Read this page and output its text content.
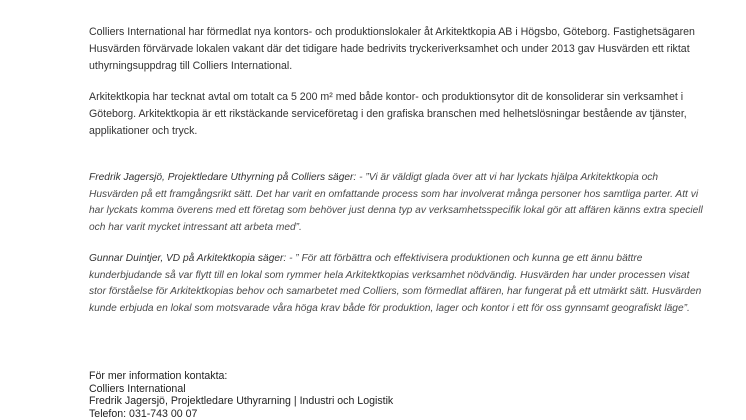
Colliers International har förmedlat nya kontors- och produktionslokaler åt Arkitektkopia AB i Högsbo, Göteborg. Fastighetsägaren Husvärden förvärvade lokalen vakant där det tidigare hade bedrivits tryckeriverksamhet och under 2013 gav Husvärden ett riktat uthyrningsuppdrag till Colliers International.

Arkitektkopia har tecknat avtal om totalt ca 5 200 m² med både kontor- och produktionsytor dit de konsoliderar sin verksamhet i Göteborg. Arkitektkopia är ett rikstäckande serviceföretag i den grafiska branschen med helhetslösningar bestående av tjänster, applikationer och tryck.

Fredrik Jagersjö, Projektledare Uthyrning på Colliers säger: - ”Vi är väldigt glada över att vi har lyckats hjälpa Arkitektkopia och Husvärden på ett framgångsrikt sätt. Det har varit en omfattande process som har involverat många personer hos samtliga parter. Att vi har lyckats komma överens med ett företag som behöver just denna typ av verksamhetsspecifik lokal gör att affären känns extra speciell och har varit mycket intressant att arbeta med”.

Gunnar Duintjer, VD på Arkitektkopia säger: - ” För att förbättra och effektivisera produktionen och kunna ge ett ännu bättre kunderbjudande så var flytt till en lokal som rymmer hela Arkitektkopias verksamhet nödvändig. Husvärden har under processen visat stor förståelse för Arkitektkopias behov och samarbetet med Colliers, som förmedlat affären, har fungerat på ett utmärkt sätt. Husvärden kunde erbjuda en lokal som motsvarade våra höga krav både för produktion, lager och kontor i ett för oss gynnsamt geografiskt läge”.

För mer information kontakta:

Colliers International

Fredrik Jagersjö, Projektledare Uthyrarning | Industri och Logistik

Telefon: 031-743 00 07
